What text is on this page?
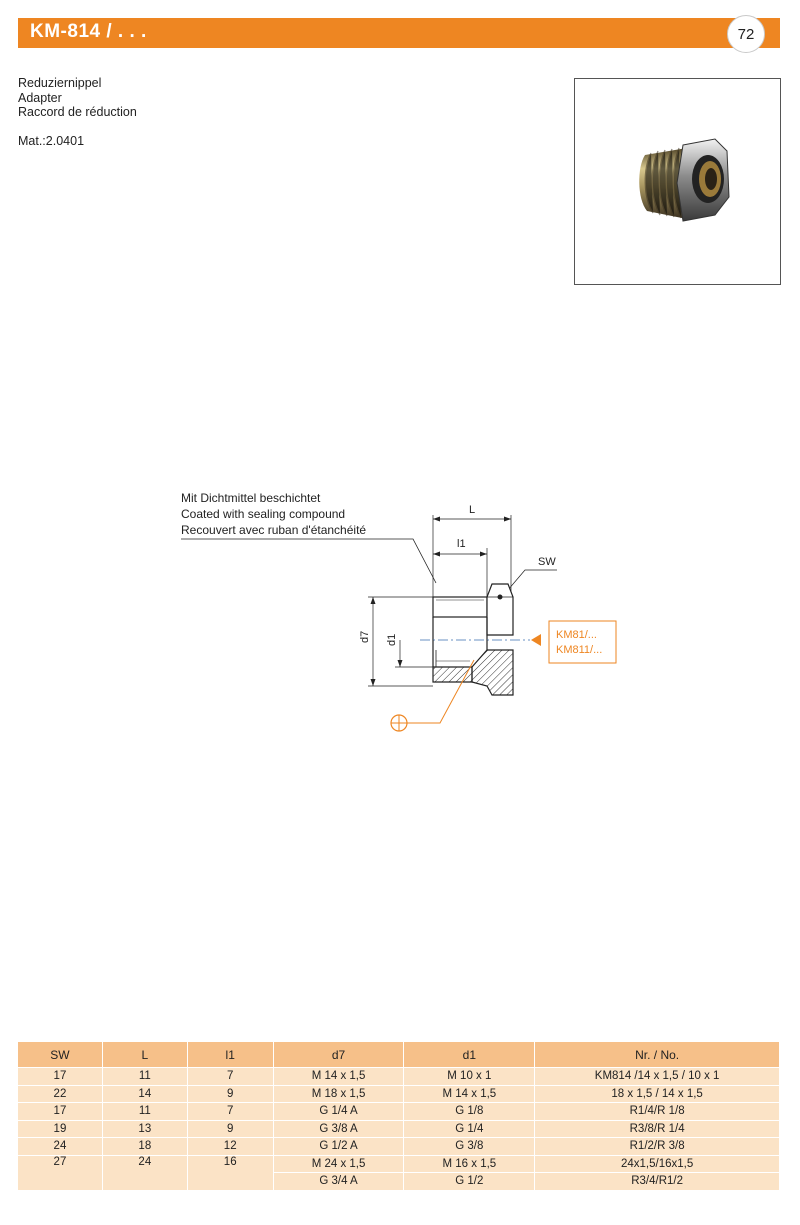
KM-814 / . . .	72
Reduziernippel
Adapter
Raccord de réduction
Mat.:2.0401
Mit Dichtmittel beschichtet
Coated with sealing compound
Recouvert avec ruban d'étanchéité
L
l1
SW
d7 d1	KM81/...
KM811/...
SW	L	l1	d7	d1	Nr. / No.
17	11	7	M 14 x 1,5	M 10 x 1	KM814 /14 x 1,5 / 10 x 1
22	14	9	M 18 x 1,5	M 14 x 1,5	18 x 1,5 / 14 x 1,5
17	11	7	G 1/4 A	G 1/8	R1/4/R 1/8
19	13	9	G 3/8 A	G 1/4	R3/8/R 1/4
24	18	12	G 1/2 A	G 3/8	R1/2/R 3/8
27	24	16	M 24 x 1,5	M 16 x 1,5	24x1,5/16x1,5
			G 3/4 A	G 1/2	R3/4/R1/2
